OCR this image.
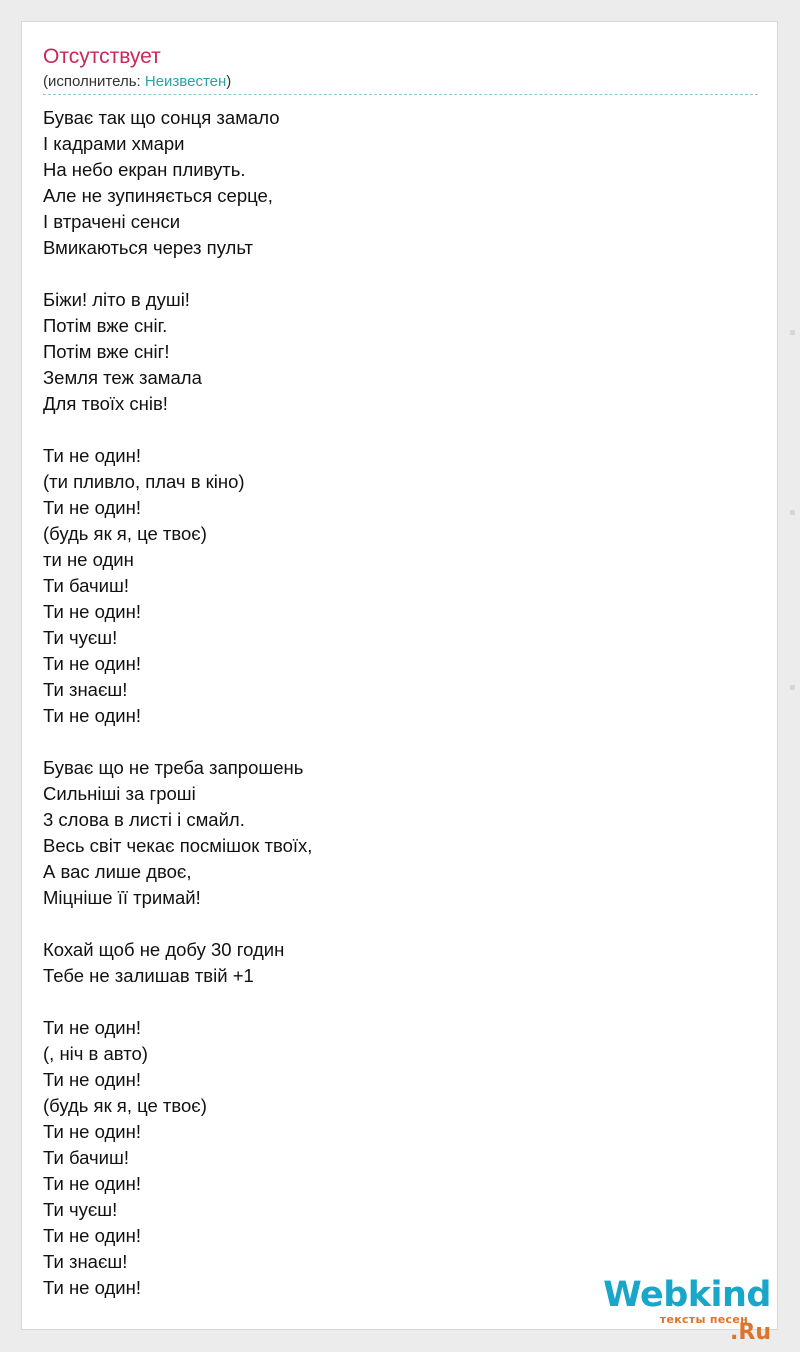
Отсутствует
(исполнитель: Неизвестен)
Буває так що сонця замало
І кадрами хмари
На небо екран пливуть.
Але не зупиняється серце,
І втрачені сенси
Вмикаються через пульт
Біжи! літо в душі!
Потім вже сніг.
Потім вже сніг!
Земля теж замала
Для твоїх снів!
Ти не один!
(ти пливло, плач в кіно)
Ти не один!
(будь як я, це твоє)
ти не один
Ти бачиш!
Ти не один!
Ти чуєш!
Ти не один!
Ти знаєш!
Ти не один!
Буває що не треба запрошень
Сильніші за гроші
3 слова в листі і смайл.
Весь світ чекає посмішок твоїх,
А вас лише двоє,
Міцніше її тримай!
Кохай щоб не добу 30 годин
Тебе не залишав твій +1
Ти не один!
(, ніч в авто)
Ти не один!
(будь як я, це твоє)
Ти не один!
Ти бачиш!
Ти не один!
Ти чуєш!
Ти не один!
Ти знаєш!
Ти не один!	Webkind.Ru
тексты песен
